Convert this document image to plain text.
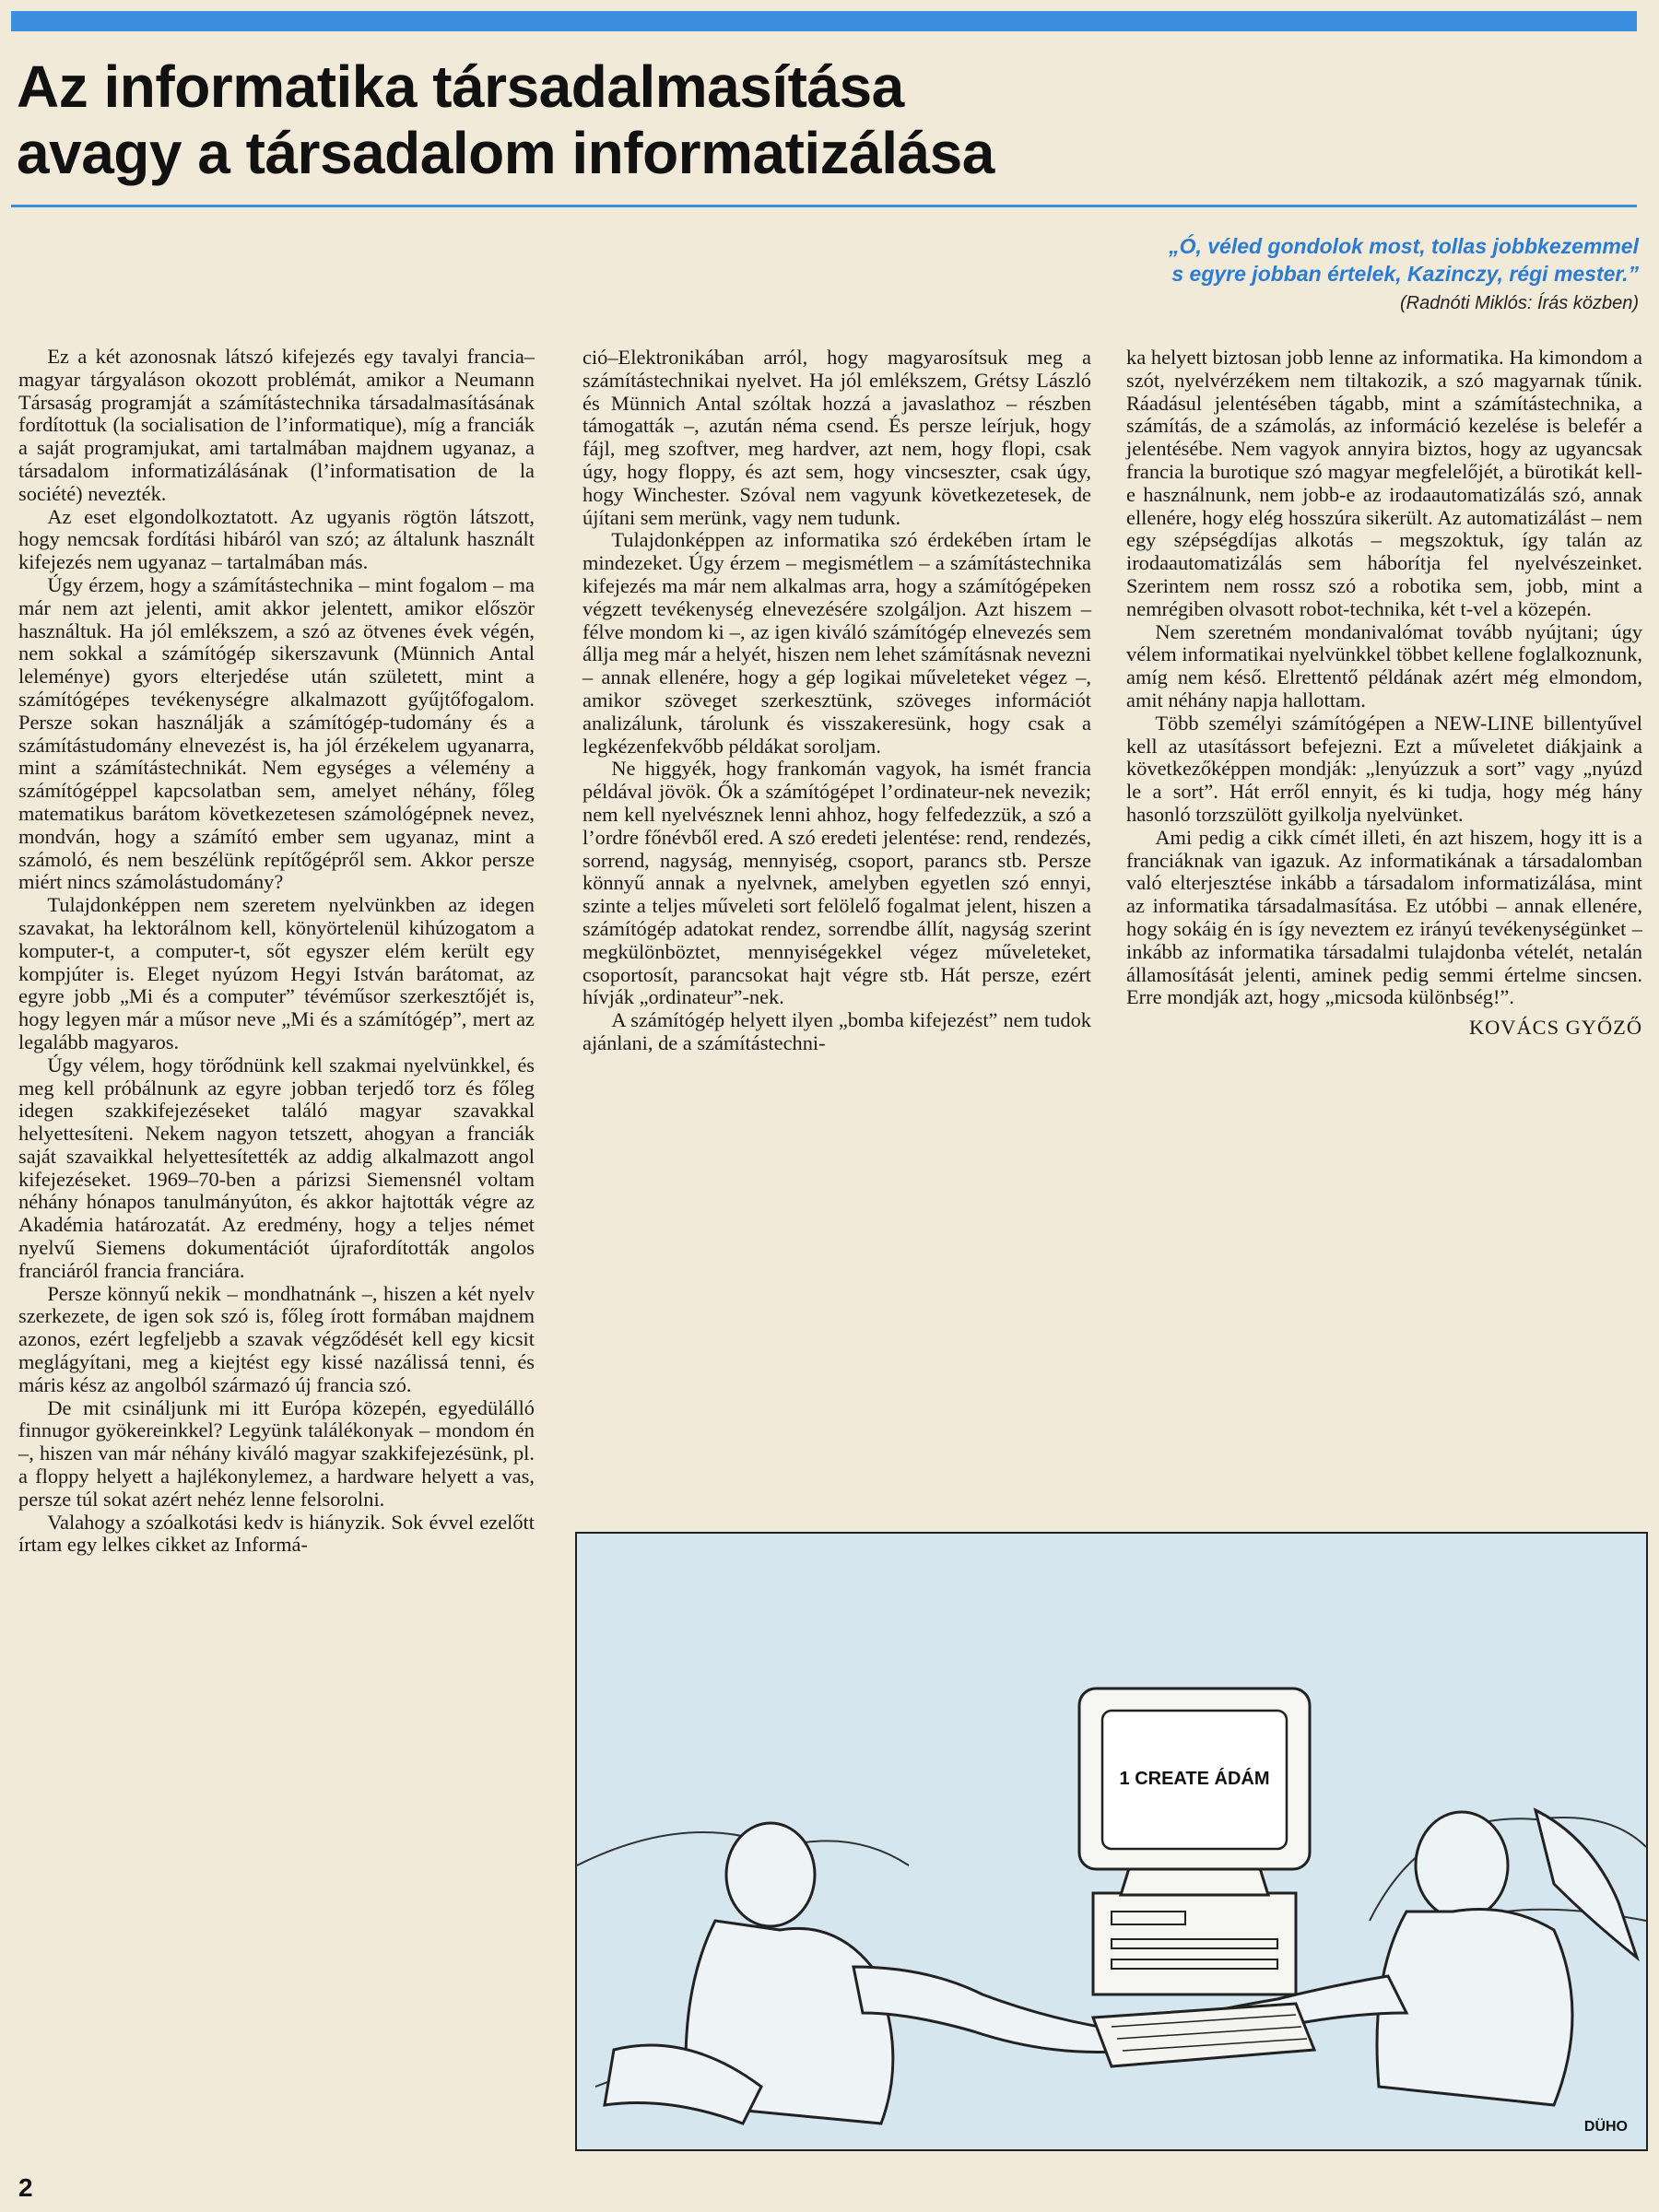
Az informatika társadalmasítása
avagy a társadalom informatizálása
„Ó, véled gondolok most, tollas jobbkezemmel
s egyre jobban értelek, Kazinczy, régi mester.”
(Radnóti Miklós: Írás közben)

Ez a két azonosnak látszó kifejezés egy tavalyi francia–magyar tárgyaláson okozott problémát, amikor a Neumann Társaság programját a számítástechnika társadalmasításának fordítottuk (la socialisation de l’informatique), míg a franciák a saját programjukat, ami tartalmában majdnem ugyanaz, a társadalom informatizálásának (l’informatisation de la société) nevezték.

Az eset elgondolkoztatott. Az ugyanis rögtön látszott, hogy nemcsak fordítási hibáról van szó; az általunk használt kifejezés nem ugyanaz – tartalmában más.

Úgy érzem, hogy a számítástechnika – mint fogalom – ma már nem azt jelenti, amit akkor jelentett, amikor először használtuk. Ha jól emlékszem, a szó az ötvenes évek végén, nem sokkal a számítógép sikerszavunk (Münnich Antal leleménye) gyors elterjedése után született, mint a számítógépes tevékenységre alkalmazott gyűjtőfogalom. Persze sokan használják a számítógép-tudomány és a számítástudomány elnevezést is, ha jól érzékelem ugyanarra, mint a számítástechnikát. Nem egységes a vélemény a számítógéppel kapcsolatban sem, amelyet néhány, főleg matematikus barátom következetesen számológépnek nevez, mondván, hogy a számító ember sem ugyanaz, mint a számoló, és nem beszélünk repítőgépről sem. Akkor persze miért nincs számolástudomány?

Tulajdonképpen nem szeretem nyelvünkben az idegen szavakat, ha lektorálnom kell, könyörtelenül kihúzogatom a komputer-t, a computer-t, sőt egyszer elém került egy kompjúter is. Eleget nyúzom Hegyi István barátomat, az egyre jobb „Mi és a computer” tévéműsor szerkesztőjét is, hogy legyen már a műsor neve „Mi és a számítógép”, mert az legalább magyaros.

Úgy vélem, hogy törődnünk kell szakmai nyelvünkkel, és meg kell próbálnunk az egyre jobban terjedő torz és főleg idegen szakkifejezéseket találó magyar szavakkal helyettesíteni. Nekem nagyon tetszett, ahogyan a franciák saját szavaikkal helyettesítették az addig alkalmazott angol kifejezéseket. 1969–70-ben a párizsi Siemensnél voltam néhány hónapos tanulmányúton, és akkor hajtották végre az Akadémia határozatát. Az eredmény, hogy a teljes német nyelvű Siemens dokumentációt újrafordították angolos franciáról francia franciára.

Persze könnyű nekik – mondhatnánk –, hiszen a két nyelv szerkezete, de igen sok szó is, főleg írott formában majdnem azonos, ezért legfeljebb a szavak végződését kell egy kicsit meglágyítani, meg a kiejtést egy kissé nazálissá tenni, és máris kész az angolból származó új francia szó.

De mit csináljunk mi itt Európa közepén, egyedülálló finnugor gyökereinkkel? Legyünk találékonyak – mondom én –, hiszen van már néhány kiváló magyar szakkifejezésünk, pl. a floppy helyett a hajlékonylemez, a hardware helyett a vas, persze túl sokat azért nehéz lenne felsorolni.

Valahogy a szóalkotási kedv is hiányzik. Sok évvel ezelőtt írtam egy lelkes cikket az Informá-

ció–Elektronikában arról, hogy magyarosítsuk meg a számítástechnikai nyelvet. Ha jól emlékszem, Grétsy László és Münnich Antal szóltak hozzá a javaslathoz – részben támogatták –, azután néma csend. És persze leírjuk, hogy fájl, meg szoftver, meg hardver, azt nem, hogy flopi, csak úgy, hogy floppy, és azt sem, hogy vincseszter, csak úgy, hogy Winchester. Szóval nem vagyunk következetesek, de újítani sem merünk, vagy nem tudunk.

Tulajdonképpen az informatika szó érdekében írtam le mindezeket. Úgy érzem – megismétlem – a számítástechnika kifejezés ma már nem alkalmas arra, hogy a számítógépeken végzett tevékenység elnevezésére szolgáljon. Azt hiszem – félve mondom ki –, az igen kiváló számítógép elnevezés sem állja meg már a helyét, hiszen nem lehet számításnak nevezni – annak ellenére, hogy a gép logikai műveleteket végez –, amikor szöveget szerkesztünk, szöveges információt analizálunk, tárolunk és visszakeresünk, hogy csak a legkézenfekvőbb példákat soroljam.

Ne higgyék, hogy frankomán vagyok, ha ismét francia példával jövök. Ők a számítógépet l’ordinateur-nek nevezik; nem kell nyelvésznek lenni ahhoz, hogy felfedezzük, a szó a l’ordre főnévből ered. A szó eredeti jelentése: rend, rendezés, sorrend, nagyság, mennyiség, csoport, parancs stb. Persze könnyű annak a nyelvnek, amelyben egyetlen szó ennyi, szinte a teljes műveleti sort felölelő fogalmat jelent, hiszen a számítógép adatokat rendez, sorrendbe állít, nagyság szerint megkülönböztet, mennyiségekkel végez műveleteket, csoportosít, parancsokat hajt végre stb. Hát persze, ezért hívják „ordinateur”-nek.

A számítógép helyett ilyen „bomba kifejezést” nem tudok ajánlani, de a számítástechni-

ka helyett biztosan jobb lenne az informatika. Ha kimondom a szót, nyelvérzékem nem tiltakozik, a szó magyarnak tűnik. Ráadásul jelentésében tágabb, mint a számítástechnika, a számítás, de a számolás, az információ kezelése is belefér a jelentésébe. Nem vagyok annyira biztos, hogy az ugyancsak francia la burotique szó magyar megfelelőjét, a bürotikát kell-e használnunk, nem jobb-e az irodaautomatizálás szó, annak ellenére, hogy elég hosszúra sikerült. Az automatizálást – nem egy szépségdíjas alkotás – megszoktuk, így talán az irodaautomatizálás sem háborítja fel nyelvészeinket. Szerintem nem rossz szó a robotika sem, jobb, mint a nemrégiben olvasott robot-technika, két t-vel a közepén.

Nem szeretném mondanivalómat tovább nyújtani; úgy vélem informatikai nyelvünkkel többet kellene foglalkoznunk, amíg nem késő. Elrettentő példának azért még elmondom, amit néhány napja hallottam.

Több személyi számítógépen a NEW-LINE billentyűvel kell az utasítássort befejezni. Ezt a műveletet diákjaink a következőképpen mondják: „lenyúzzuk a sort” vagy „nyúzd le a sort”. Hát erről ennyit, és ki tudja, hogy még hány hasonló torzszülött gyilkolja nyelvünket.

Ami pedig a cikk címét illeti, én azt hiszem, hogy itt is a franciáknak van igazuk. Az informatikának a társadalomban való elterjesztése inkább a társadalom informatizálása, mint az informatika társadalmasítása. Ez utóbbi – annak ellenére, hogy sokáig én is így neveztem ez irányú tevékenységünket – inkább az informatika társadalmi tulajdonba vételét, netalán államosítását jelenti, aminek pedig semmi értelme sincsen. Erre mondják azt, hogy „micsoda különbség!”.

KOVÁCS GYŐZŐ
1 CREATE ÁDÁM
DÜHO
2
